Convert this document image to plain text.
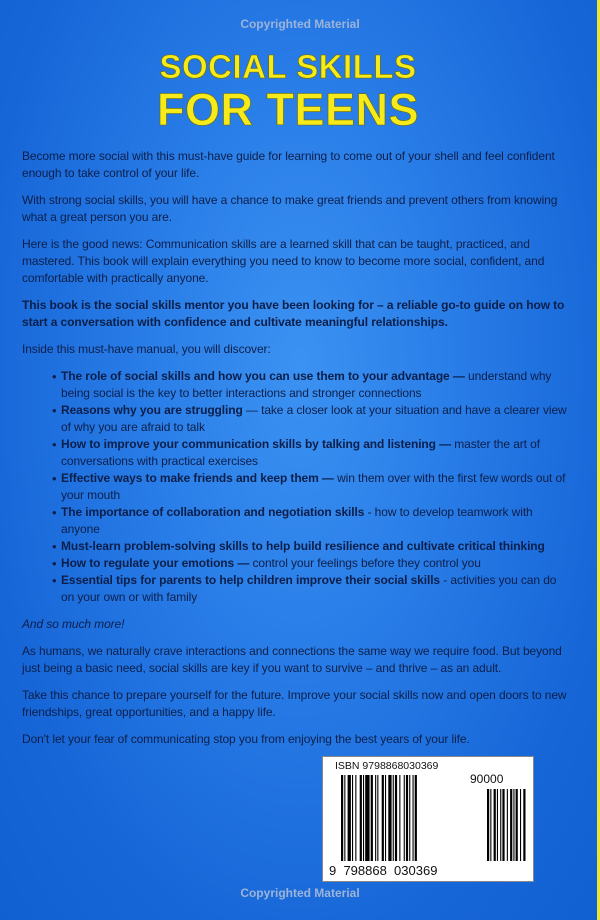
Copyrighted Material
SOCIAL SKILLS
FOR TEENS

Become more social with this must-have guide for learning to come out of your shell and feel confident enough to take control of your life.

With strong social skills, you will have a chance to make great friends and prevent others from knowing what a great person you are.

Here is the good news: Communication skills are a learned skill that can be taught, practiced, and mastered. This book will explain everything you need to know to become more social, confident, and comfortable with practically anyone.

This book is the social skills mentor you have been looking for – a reliable go-to guide on how to start a conversation with confidence and cultivate meaningful relationships.

Inside this must-have manual, you will discover:

• The role of social skills and how you can use them to your advantage — understand why being social is the key to better interactions and stronger connections
• Reasons why you are struggling — take a closer look at your situation and have a clearer view of why you are afraid to talk
• How to improve your communication skills by talking and listening — master the art of conversations with practical exercises
• Effective ways to make friends and keep them — win them over with the first few words out of your mouth
• The importance of collaboration and negotiation skills - how to develop teamwork with anyone
• Must-learn problem-solving skills to help build resilience and cultivate critical thinking
• How to regulate your emotions — control your feelings before they control you
• Essential tips for parents to help children improve their social skills - activities you can do on your own or with family

And so much more!

As humans, we naturally crave interactions and connections the same way we require food. But beyond just being a basic need, social skills are key if you want to survive – and thrive – as an adult.

Take this chance to prepare yourself for the future. Improve your social skills now and open doors to new friendships, great opportunities, and a happy life.

Don't let your fear of communicating stop you from enjoying the best years of your life.

ISBN 9798868030369
90000
9  798868  030369
Copyrighted Material
